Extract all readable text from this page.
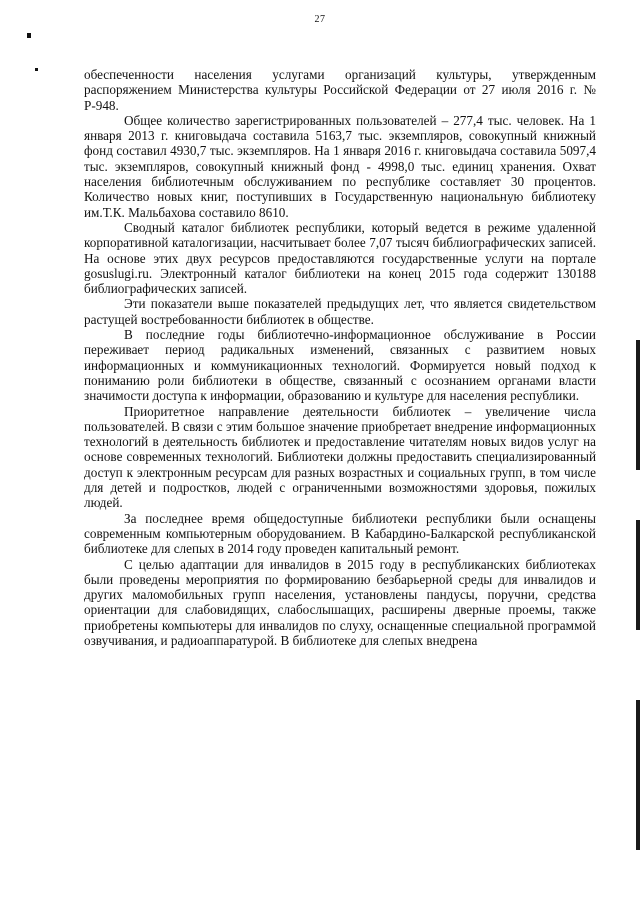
27

обеспеченности населения услугами организаций культуры, утвержденным распоряжением Министерства культуры Российской Федерации от 27 июля 2016 г. № Р-948.

Общее количество зарегистрированных пользователей – 277,4 тыс. человек. На 1 января 2013 г. книговыдача составила 5163,7 тыс. экземпляров, совокупный книжный фонд составил 4930,7 тыс. экземпляров. На 1 января 2016 г. книговыдача составила 5097,4 тыс. экземпляров, совокупный книжный фонд - 4998,0 тыс. единиц хранения. Охват населения библиотечным обслуживанием по республике составляет 30 процентов. Количество новых книг, поступивших в Государственную национальную библиотеку им.Т.К. Мальбахова составило 8610.

Сводный каталог библиотек республики, который ведется в режиме удаленной корпоративной каталогизации, насчитывает более 7,07 тысяч библиографических записей. На основе этих двух ресурсов предоставляются государственные услуги на портале gosuslugi.ru. Электронный каталог библиотеки на конец 2015 года содержит 130188 библиографических записей.

Эти показатели выше показателей предыдущих лет, что является свидетельством растущей востребованности библиотек в обществе.

В последние годы библиотечно-информационное обслуживание в России переживает период радикальных изменений, связанных с развитием новых информационных и коммуникационных технологий. Формируется новый подход к пониманию роли библиотеки в обществе, связанный с осознанием органами власти значимости доступа к информации, образованию и культуре для населения республики.

Приоритетное направление деятельности библиотек – увеличение числа пользователей. В связи с этим большое значение приобретает внедрение информационных технологий в деятельность библиотек и предоставление читателям новых видов услуг на основе современных технологий. Библиотеки должны предоставить специализированный доступ к электронным ресурсам для разных возрастных и социальных групп, в том числе для детей и подростков, людей с ограниченными возможностями здоровья, пожилых людей.

За последнее время общедоступные библиотеки республики были оснащены современным компьютерным оборудованием. В Кабардино-Балкарской республиканской библиотеке для слепых в 2014 году проведен капитальный ремонт.

С целью адаптации для инвалидов в 2015 году в республиканских библиотеках были проведены мероприятия по формированию безбарьерной среды для инвалидов и других маломобильных групп населения, установлены пандусы, поручни, средства ориентации для слабовидящих, слабослышащих, расширены дверные проемы, также приобретены компьютеры для инвалидов по слуху, оснащенные специальной программой озвучивания, и радиоаппаратурой. В библиотеке для слепых внедрена
